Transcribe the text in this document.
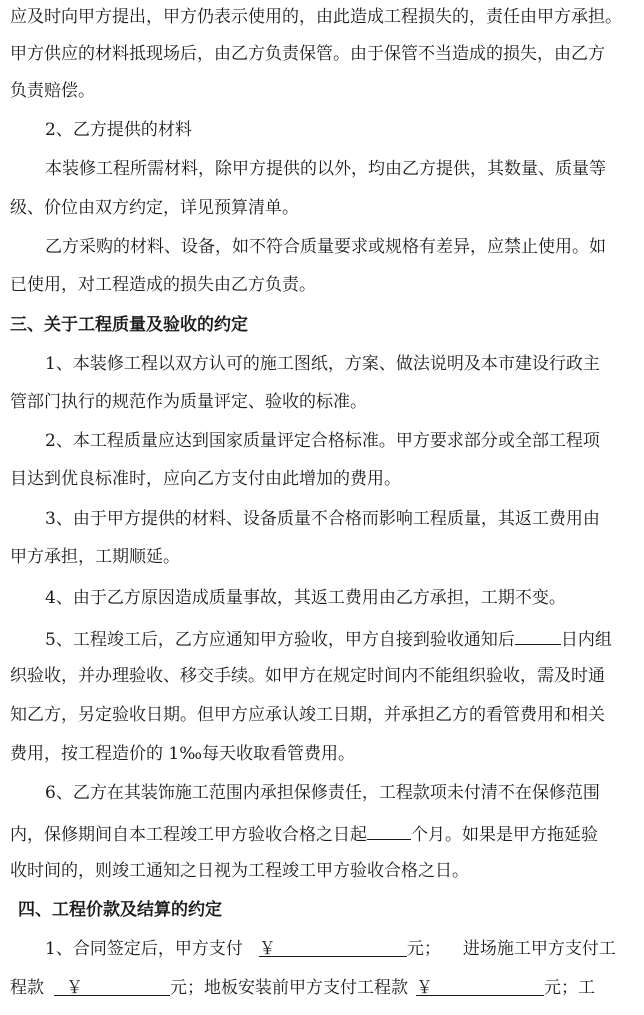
应及时向甲方提出，甲方仍表示使用的，由此造成工程损失的，责任由甲方承担。
甲方供应的材料抵现场后，由乙方负责保管。由于保管不当造成的损失，由乙方
负责赔偿。
2、乙方提供的材料
本装修工程所需材料，除甲方提供的以外，均由乙方提供，其数量、质量等
级、价位由双方约定，详见预算清单。
乙方采购的材料、设备，如不符合质量要求或规格有差异，应禁止使用。如
已使用，对工程造成的损失由乙方负责。
三、关于工程质量及验收的约定
1、本装修工程以双方认可的施工图纸，方案、做法说明及本市建设行政主
管部门执行的规范作为质量评定、验收的标准。
2、本工程质量应达到国家质量评定合格标准。甲方要求部分或全部工程项
目达到优良标准时，应向乙方支付由此增加的费用。
3、由于甲方提供的材料、设备质量不合格而影响工程质量，其返工费用由
甲方承担，工期顺延。
4、由于乙方原因造成质量事故，其返工费用由乙方承担，工期不变。
5、工程竣工后，乙方应通知甲方验收，甲方自接到验收通知后	日内组
织验收，并办理验收、移交手续。如甲方在规定时间内不能组织验收，需及时通
知乙方，另定验收日期。但甲方应承认竣工日期，并承担乙方的看管费用和相关
费用，按工程造价的 1‰每天收取看管费用。
6、乙方在其装饰施工范围内承担保修责任，工程款项未付清不在保修范围
内，保修期间自本工程竣工甲方验收合格之日起	个月。如果是甲方拖延验
收时间的，则竣工通知之日视为工程竣工甲方验收合格之日。
四、工程价款及结算的约定
1、合同签定后，甲方支付 ￥	元； 进场施工甲方支付工
程款 ￥	元；地板安装前甲方支付工程款 ￥	元；工
